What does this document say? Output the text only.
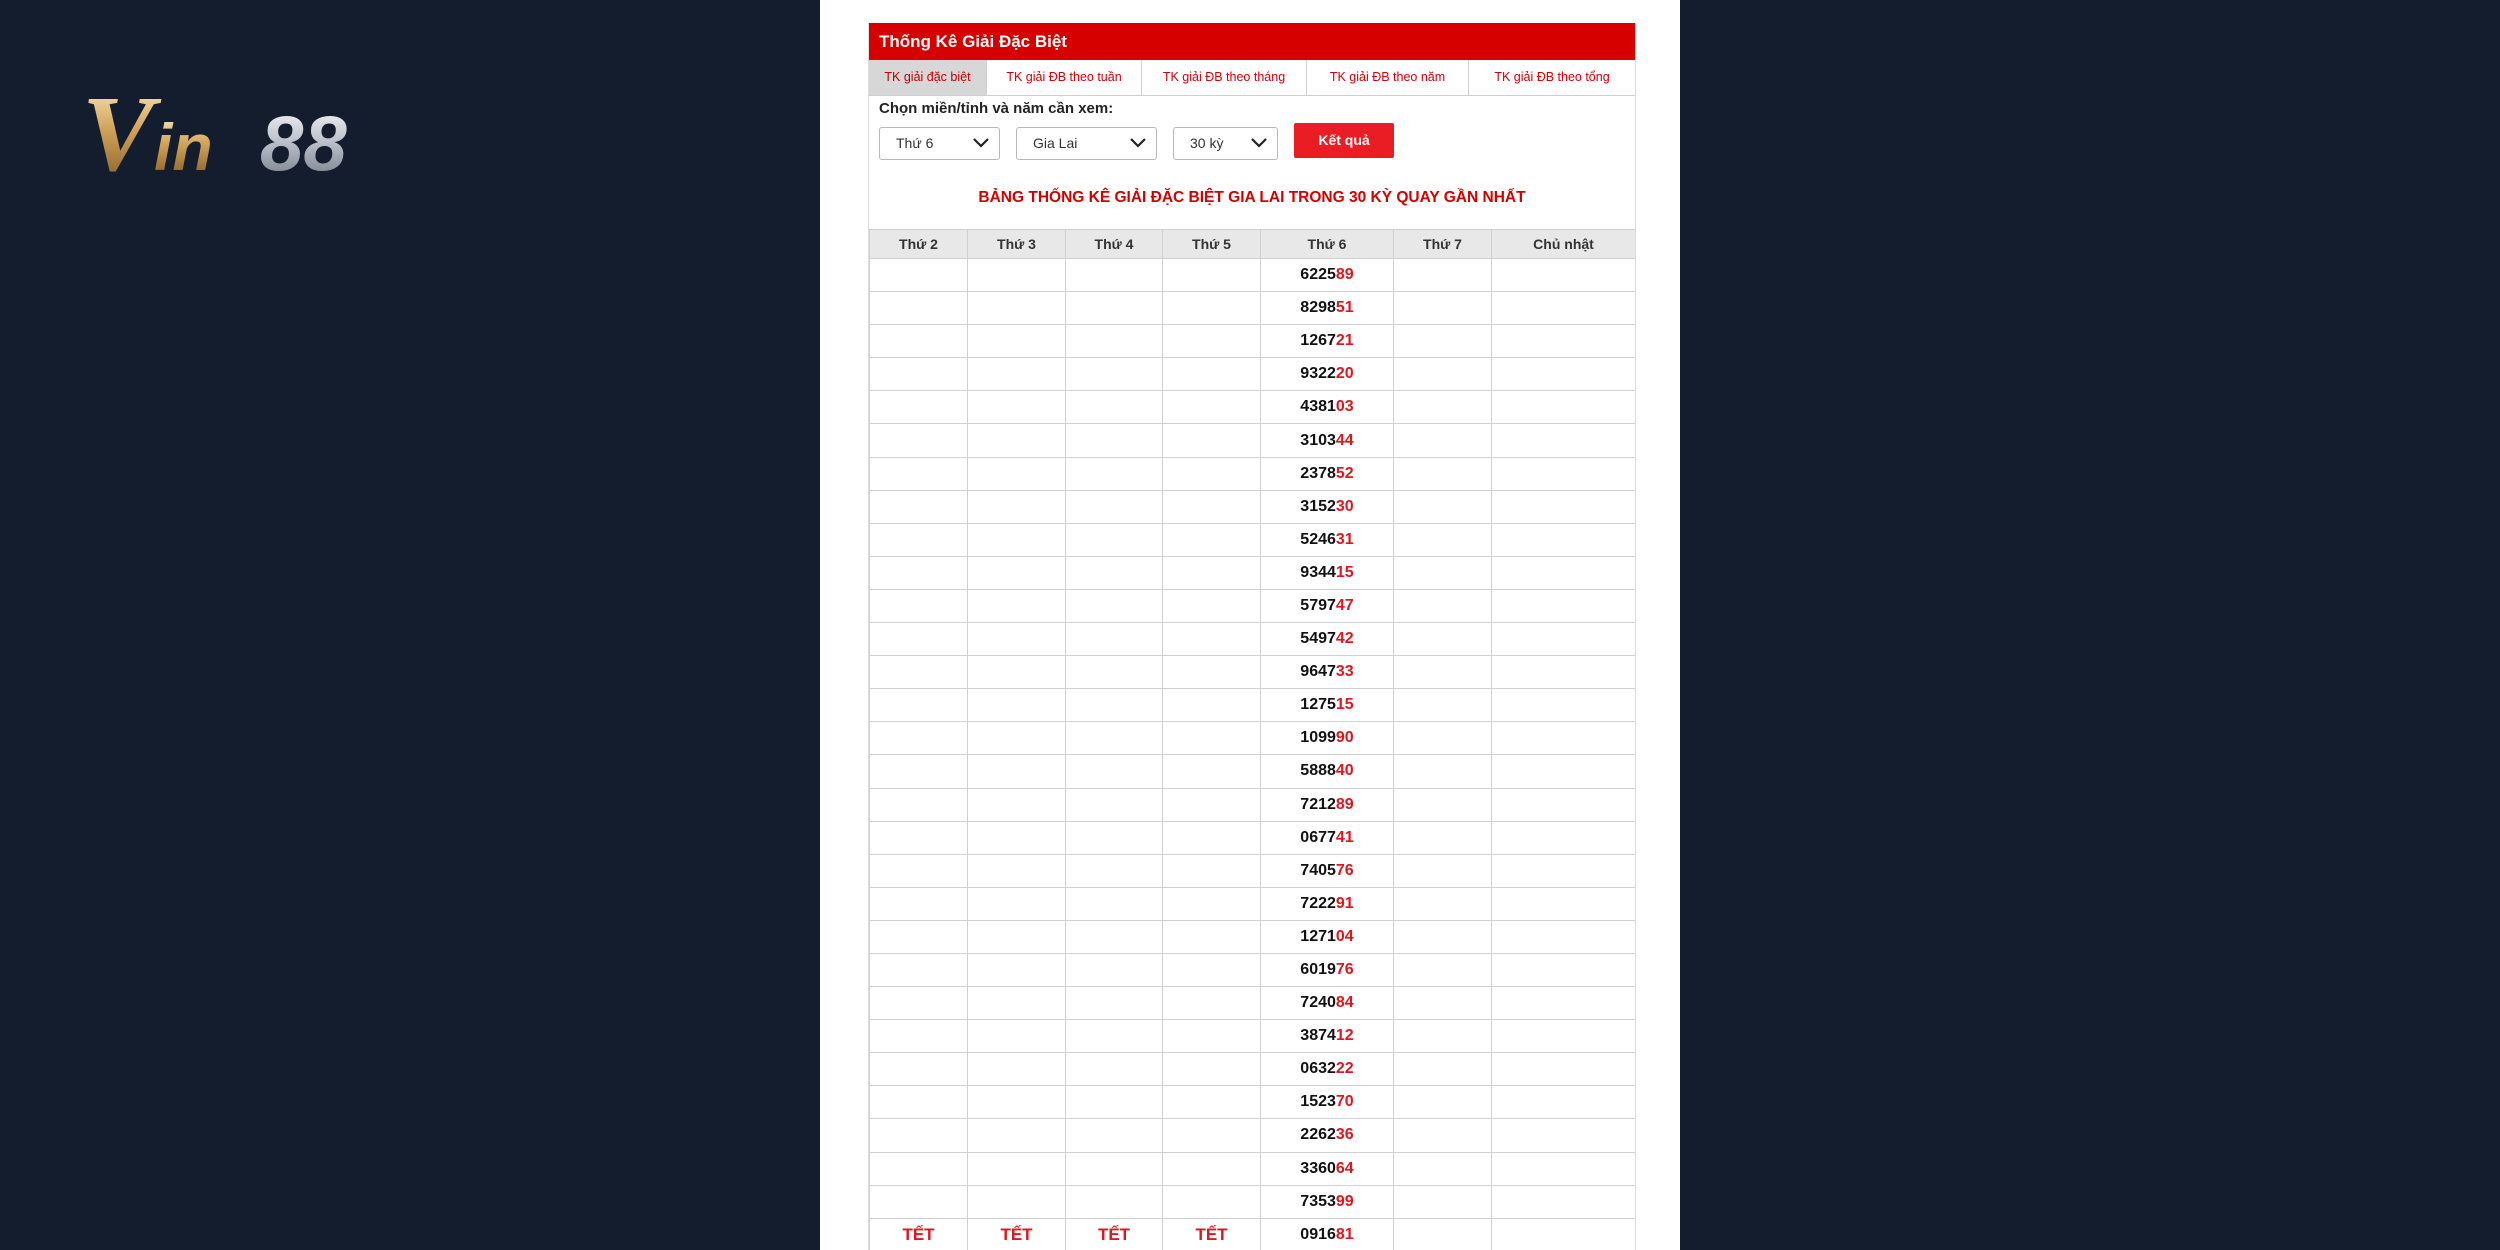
V in 88
Thống Kê Giải Đặc Biệt
TK giải đặc biệt	TK giải ĐB theo tuần	TK giải ĐB theo tháng	TK giải ĐB theo năm	TK giải ĐB theo tổng
Chọn miền/tỉnh và năm cần xem:
Thứ 6	Gia Lai	30 kỳ	Kết quả
BẢNG THỐNG KÊ GIẢI ĐẶC BIỆT GIA LAI TRONG 30 KỲ QUAY GẦN NHẤT
Thứ 2	Thứ 3	Thứ 4	Thứ 5	Thứ 6	Thứ 7	Chủ nhật
				622589		
				829851		
				126721		
				932220		
				438103		
				310344		
				237852		
				315230		
				524631		
				934415		
				579747		
				549742		
				964733		
				127515		
				109990		
				588840		
				721289		
				067741		
				740576		
				722291		
				127104		
				601976		
				724084		
				387412		
				063222		
				152370		
				226236		
				336064		
				735399		
TẾT	TẾT	TẾT	TẾT	091681		
